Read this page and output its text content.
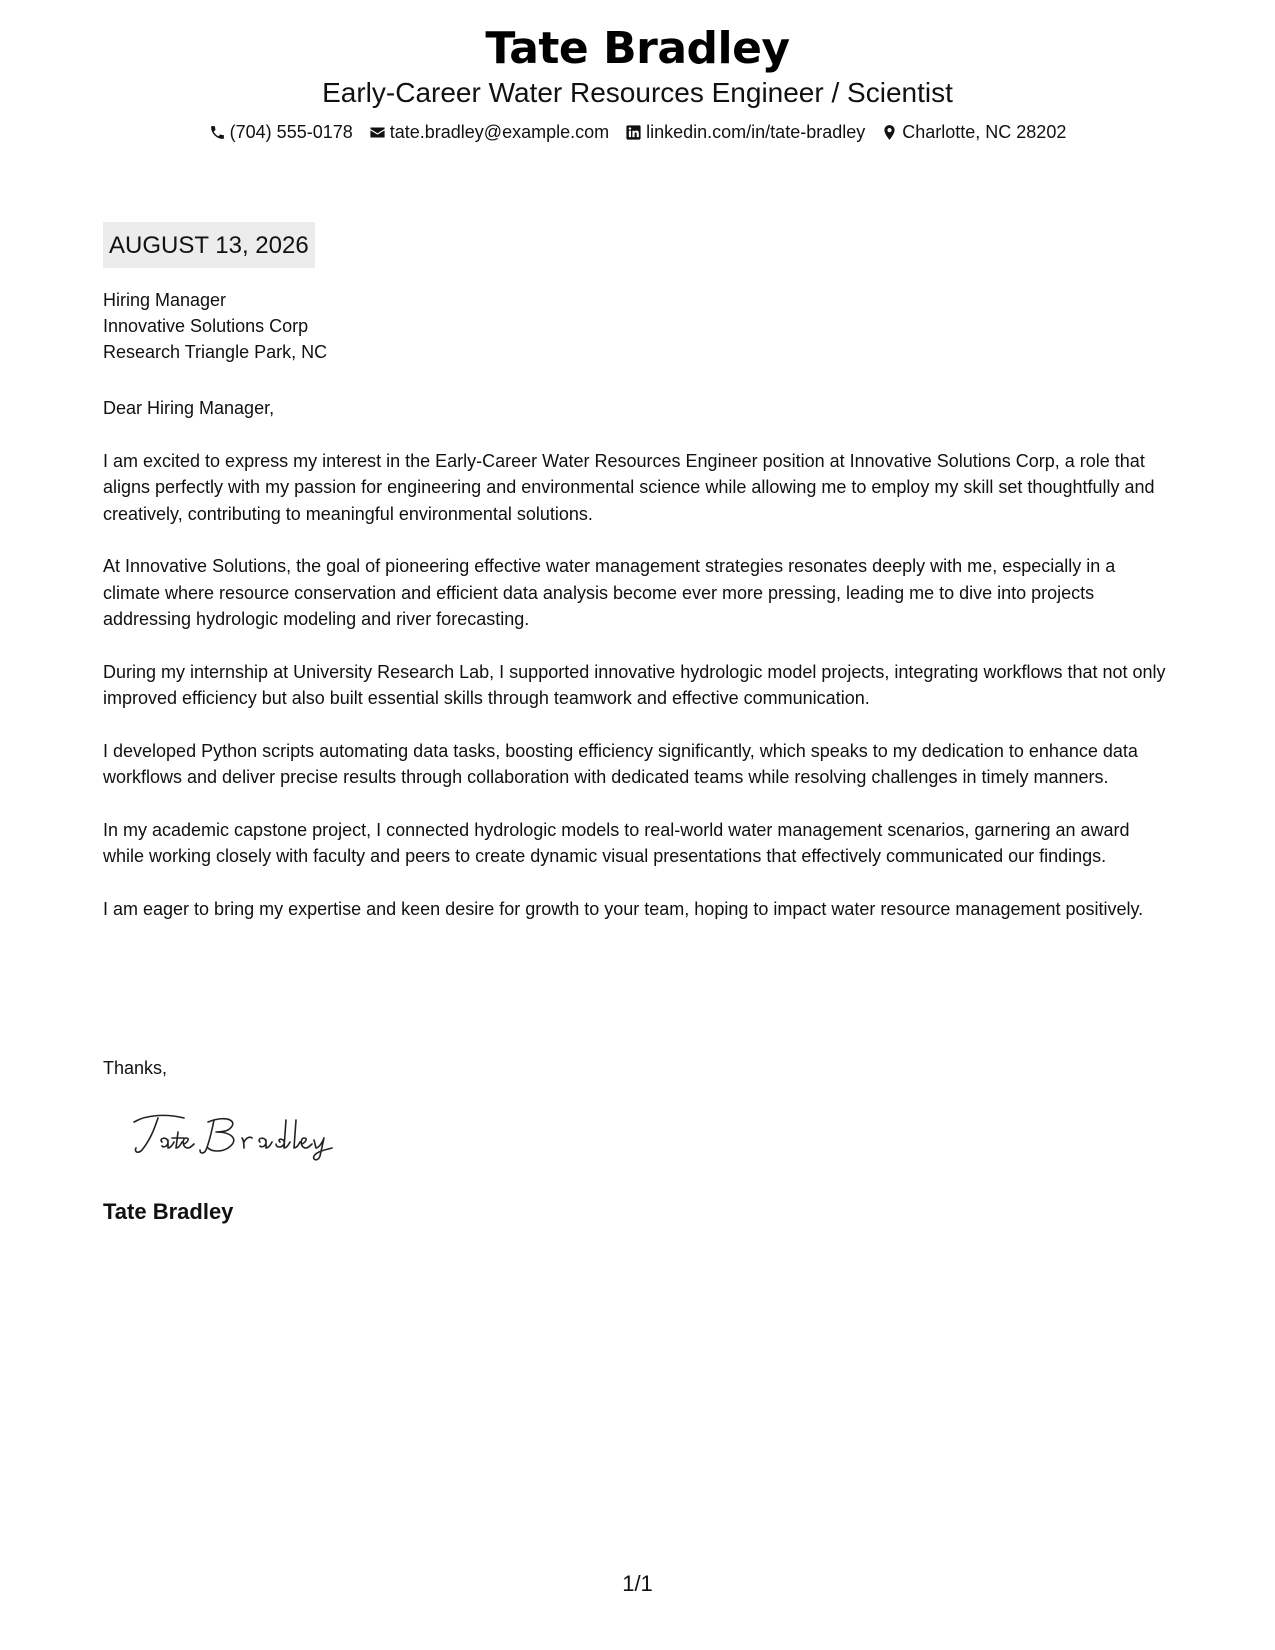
Tate Bradley
Early-Career Water Resources Engineer / Scientist
(704) 555-0178 tate.bradley@example.com linkedin.com/in/tate-bradley Charlotte, NC 28202
AUGUST 13, 2026
Hiring Manager
Innovative Solutions Corp
Research Triangle Park, NC

Dear Hiring Manager,

I am excited to express my interest in the Early-Career Water Resources Engineer position at Innovative Solutions Corp, a role that aligns perfectly with my passion for engineering and environmental science while allowing me to employ my skill set thoughtfully and creatively, contributing to meaningful environmental solutions.

At Innovative Solutions, the goal of pioneering effective water management strategies resonates deeply with me, especially in a climate where resource conservation and efficient data analysis become ever more pressing, leading me to dive into projects addressing hydrologic modeling and river forecasting.

During my internship at University Research Lab, I supported innovative hydrologic model projects, integrating workflows that not only improved efficiency but also built essential skills through teamwork and effective communication.

I developed Python scripts automating data tasks, boosting efficiency significantly, which speaks to my dedication to enhance data workflows and deliver precise results through collaboration with dedicated teams while resolving challenges in timely manners.

In my academic capstone project, I connected hydrologic models to real-world water management scenarios, garnering an award while working closely with faculty and peers to create dynamic visual presentations that effectively communicated our findings.

I am eager to bring my expertise and keen desire for growth to your team, hoping to impact water resource management positively.

Thanks,
Tate Bradley
1/1
